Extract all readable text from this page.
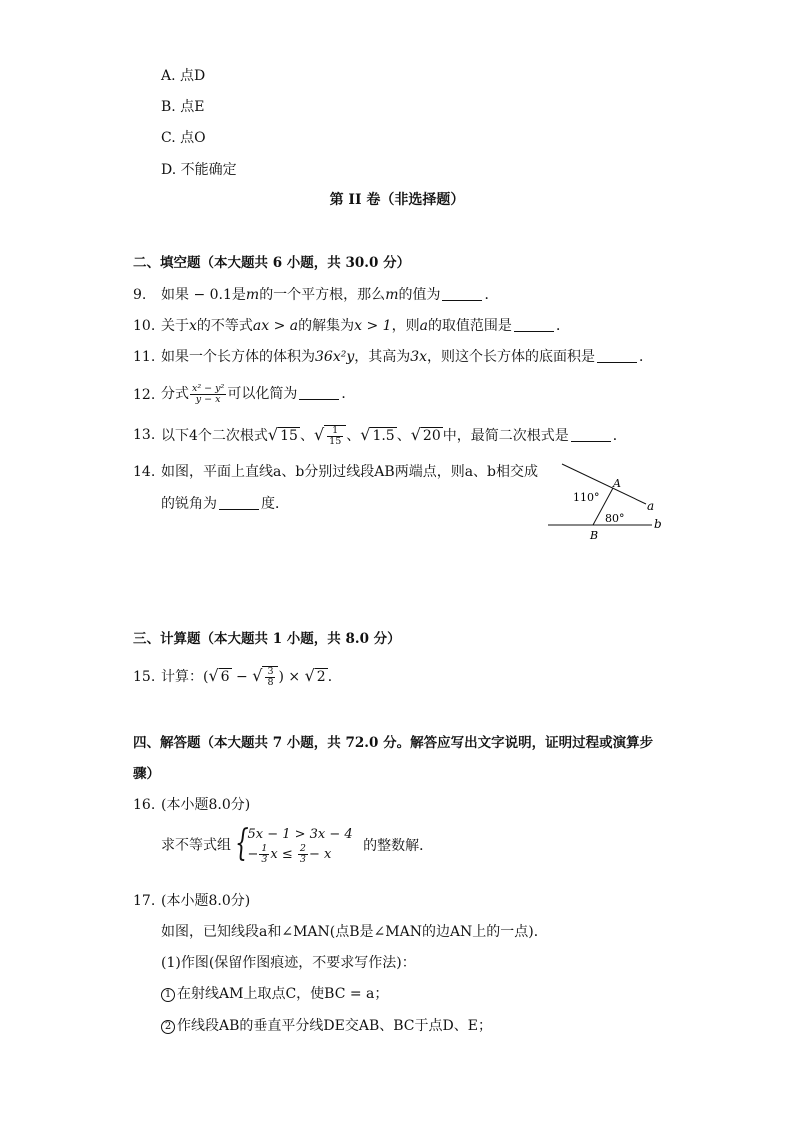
A. 点D
B. 点E
C. 点O
D. 不能确定
第 II 卷（非选择题）
二、填空题（本大题共 6 小题，共 30.0 分）
9. 如果 − 0.1是m的一个平方根，那么m的值为	．
10. 关于x的不等式ax > a的解集为x > 1，则a的取值范围是	．
11. 如果一个长方体的体积为36x²y，其高为3x，则这个长方体的底面积是	．
12. 分式 $\frac{\text{x² − y²}}{y - x}$ 可以化简为	．
13. 以下4个二次根式√ 15 、√ $\frac{1}{15}$ 、√ 1.5 、√ 20 中，最简二次根式是	．
14. 如图，平面上直线a、b分别过线段AB两端点，则a、b相交成
的锐角为	度．	110°
80°
A
B
a
b
三、计算题（本大题共 1 小题，共 8.0 分）
15. 计算：(√ 6 − √ $\frac{3}{8}$ ) × √ 2 ．
四、解答题（本大题共 7 小题，共 72.0 分。解答应写出文字说明，证明过程或演算步
骤）
16. (本小题8.0分)
求不等式组 {
5x − 1 > 3x − 4
− $\frac{1}{3}$ $x \le \frac{2}{3} - x$
的整数解．
17. (本小题8.0分)
如图，已知线段a和∠MAN(点B是∠MAN的边AN上的一点)．
(1)作图(保留作图痕迹，不要求写作法)：
1 在射线AM上取点C，使BC = a；
2 作线段AB的垂直平分线DE交AB、BC于点D、E；
